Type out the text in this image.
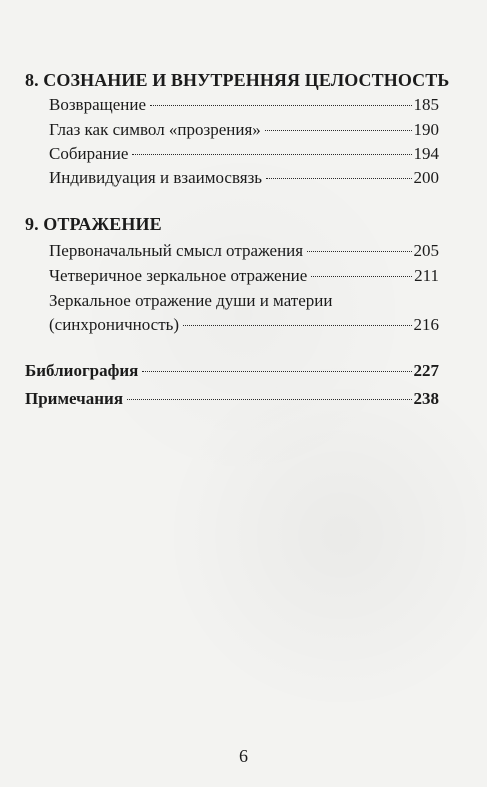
8. СОЗНАНИЕ И ВНУТРЕННЯЯ ЦЕЛОСТНОСТЬ
Возвращение	185
Глаз как символ «прозрения»	190
Собирание	194
Индивидуация и взаимосвязь	200
9. ОТРАЖЕНИЕ
Первоначальный смысл отражения	205
Четверичное зеркальное отражение	211
Зеркальное отражение души и материи
(синхроничность)	216
Библиография	227
Примечания	238
6
